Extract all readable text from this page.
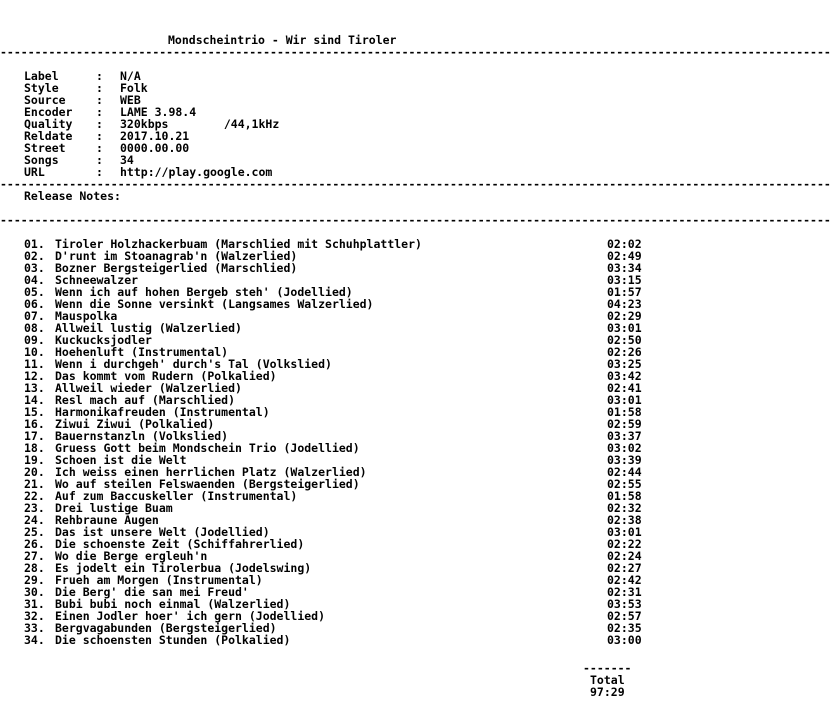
Mondscheintrio - Wir sind Tiroler
------------------------------------------------------------------------------------------------------------------------
Label	: N/A
Style	: Folk
Source	: WEB
Encoder : LAME 3.98.4
Quality : 320kbps        /44,1kHz
Reldate : 2017.10.21
Street	: 0000.00.00
Songs	: 34
URL	: http://play.google.com
------------------------------------------------------------------------------------------------------------------------
Release Notes:
------------------------------------------------------------------------------------------------------------------------
01. Tiroler Holzhackerbuam (Marschlied mit Schuhplattler)	02:02
02. D'runt im Stoanagrab'n (Walzerlied)	02:49
03. Bozner Bergsteigerlied (Marschlied)	03:34
04. Schneewalzer	03:15
05. Wenn ich auf hohen Bergeb steh' (Jodellied)	01:57
06. Wenn die Sonne versinkt (Langsames Walzerlied)	04:23
07. Mauspolka	02:29
08. Allweil lustig (Walzerlied)	03:01
09. Kuckucksjodler	02:50
10. Hoehenluft (Instrumental)	02:26
11. Wenn i durchgeh' durch's Tal (Volkslied)	03:25
12. Das kommt vom Rudern (Polkalied)	03:42
13. Allweil wieder (Walzerlied)	02:41
14. Resl mach auf (Marschlied)	03:01
15. Harmonikafreuden (Instrumental)	01:58
16. Ziwui Ziwui (Polkalied)	02:59
17. Bauernstanzln (Volkslied)	03:37
18. Gruess Gott beim Mondschein Trio (Jodellied)	03:02
19. Schoen ist die Welt	03:39
20. Ich weiss einen herrlichen Platz (Walzerlied)	02:44
21. Wo auf steilen Felswaenden (Bergsteigerlied)	02:55
22. Auf zum Baccuskeller (Instrumental)	01:58
23. Drei lustige Buam	02:32
24. Rehbraune Augen	02:38
25. Das ist unsere Welt (Jodellied)	03:01
26. Die schoenste Zeit (Schiffahrerlied)	02:22
27. Wo die Berge ergleuh'n	02:24
28. Es jodelt ein Tirolerbua (Jodelswing)	02:27
29. Frueh am Morgen (Instrumental)	02:42
30. Die Berg' die san mei Freud'	02:31
31. Bubi bubi noch einmal (Walzerlied)	03:53
32. Einen Jodler hoer' ich gern (Jodellied)	02:57
33. Bergvagabunden (Bergsteigerlied)	02:35
34. Die schoensten Stunden (Polkalied)	03:00
-------
Total
97:29
